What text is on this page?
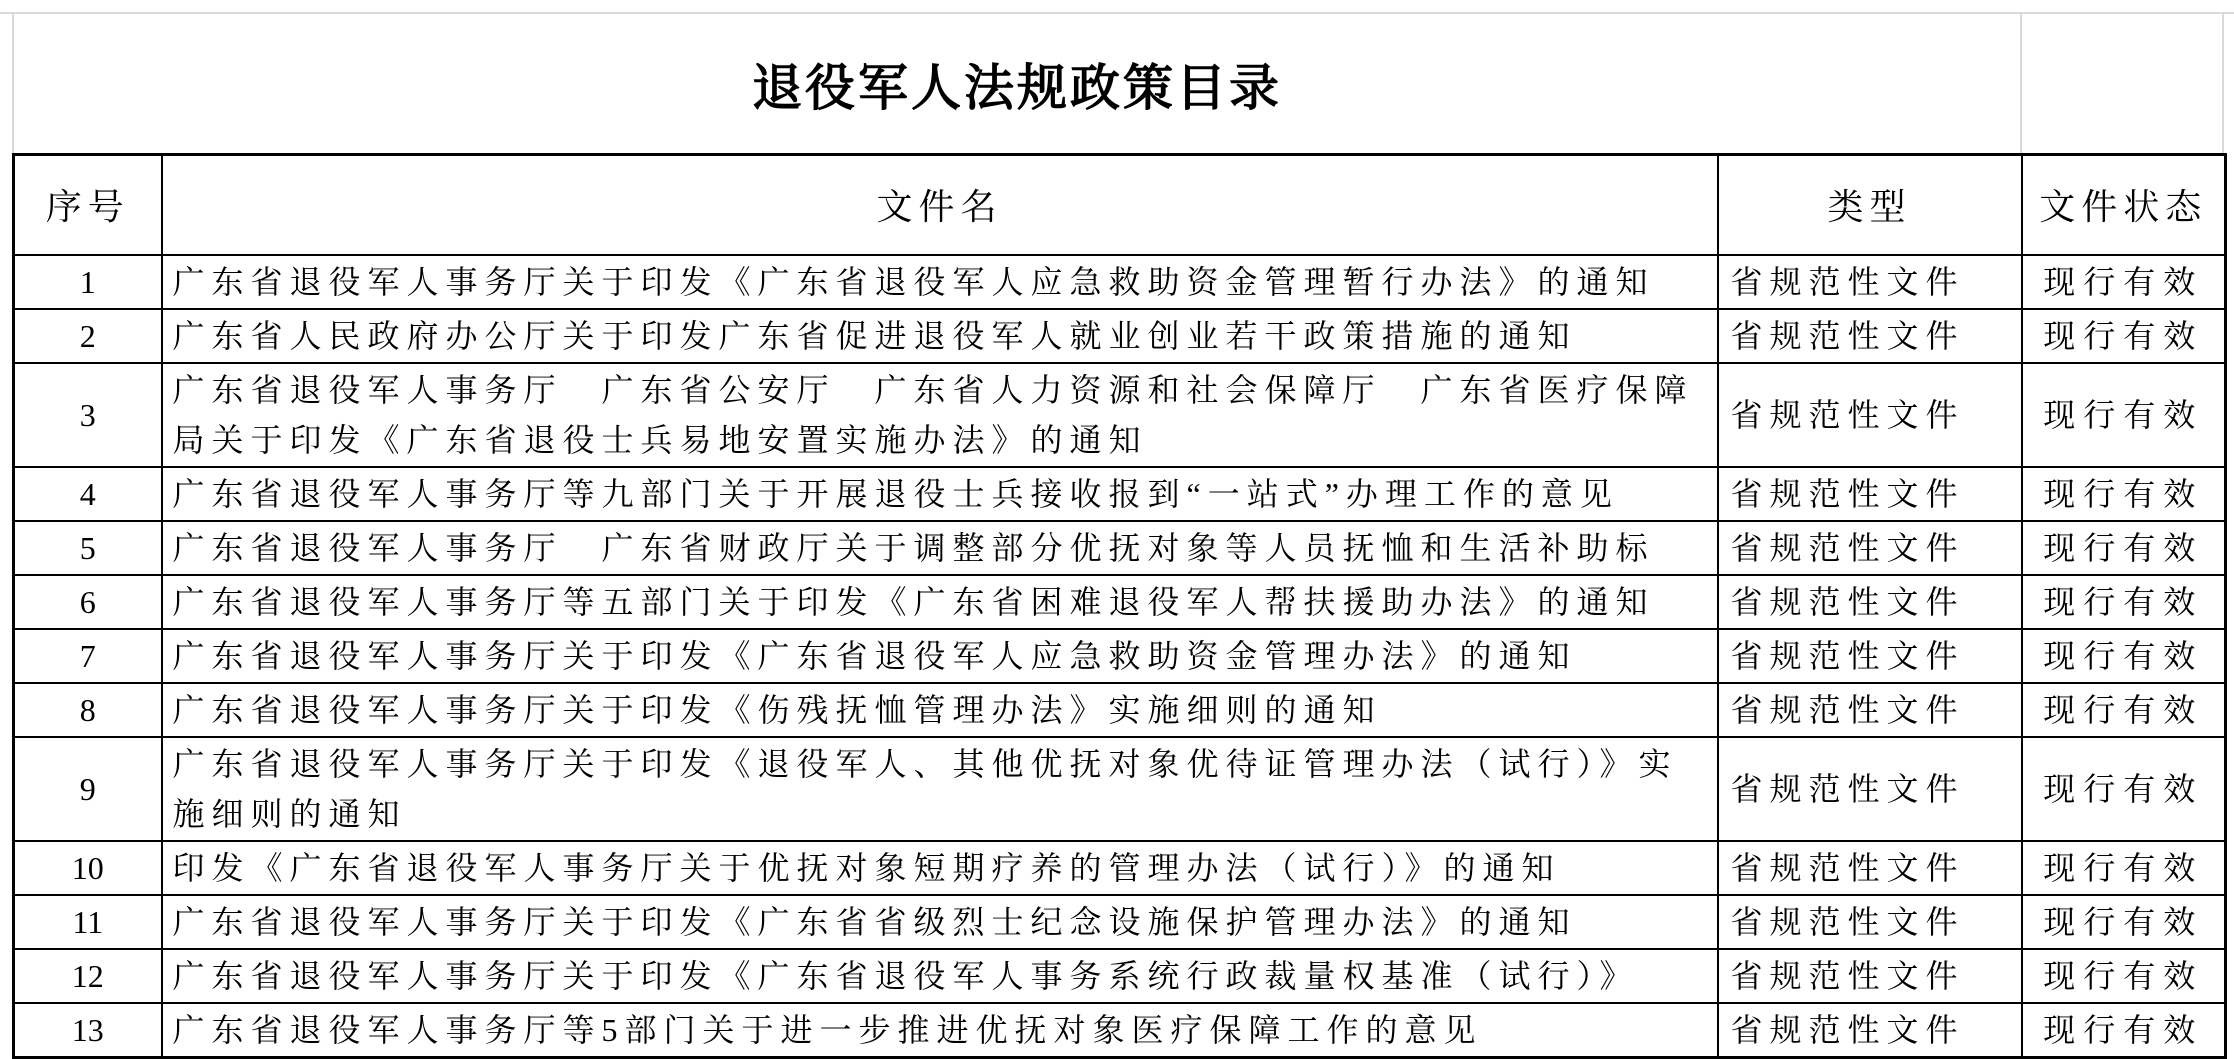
退役军人法规政策目录
序号	文件名	类型	文件状态
1	广东省退役军人事务厅关于印发《广东省退役军人应急救助资金管理暂行办法》的通知	省规范性文件	现行有效
2	广东省人民政府办公厅关于印发广东省促进退役军人就业创业若干政策措施的通知	省规范性文件	现行有效
3	广东省退役军人事务厅　广东省公安厅　广东省人力资源和社会保障厅　广东省医疗保障局关于印发《广东省退役士兵易地安置实施办法》的通知	省规范性文件	现行有效
4	广东省退役军人事务厅等九部门关于开展退役士兵接收报到“一站式”办理工作的意见	省规范性文件	现行有效
5	广东省退役军人事务厅　广东省财政厅关于调整部分优抚对象等人员抚恤和生活补助标	省规范性文件	现行有效
6	广东省退役军人事务厅等五部门关于印发《广东省困难退役军人帮扶援助办法》的通知	省规范性文件	现行有效
7	广东省退役军人事务厅关于印发《广东省退役军人应急救助资金管理办法》的通知	省规范性文件	现行有效
8	广东省退役军人事务厅关于印发《伤残抚恤管理办法》实施细则的通知	省规范性文件	现行有效
9	广东省退役军人事务厅关于印发《退役军人、其他优抚对象优待证管理办法（试行）》实施细则的通知	省规范性文件	现行有效
10	印发《广东省退役军人事务厅关于优抚对象短期疗养的管理办法（试行）》的通知	省规范性文件	现行有效
11	广东省退役军人事务厅关于印发《广东省省级烈士纪念设施保护管理办法》的通知	省规范性文件	现行有效
12	广东省退役军人事务厅关于印发《广东省退役军人事务系统行政裁量权基准（试行）》	省规范性文件	现行有效
13	广东省退役军人事务厅等5部门关于进一步推进优抚对象医疗保障工作的意见	省规范性文件	现行有效
